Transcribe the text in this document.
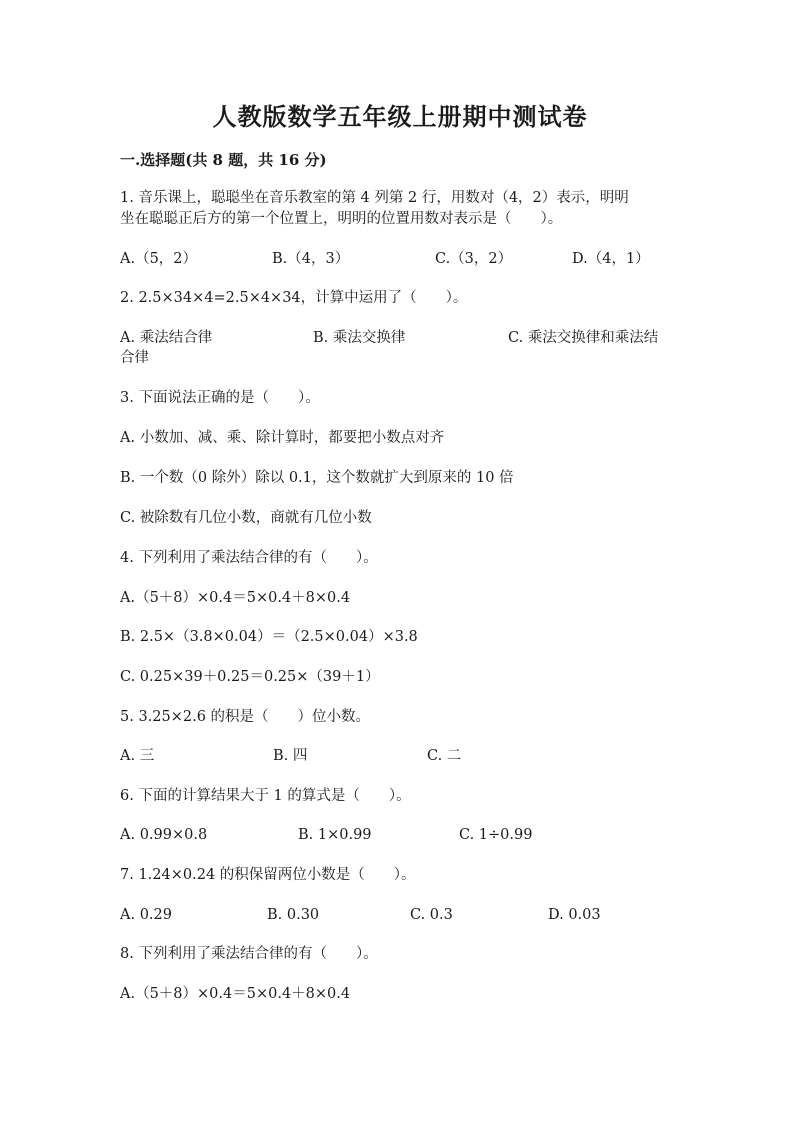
人教版数学五年级上册期中测试卷
一.选择题(共 8 题，共 16 分)
1. 音乐课上，聪聪坐在音乐教室的第 4 列第 2 行，用数对（4，2）表示，明明
坐在聪聪正后方的第一个位置上，明明的位置用数对表示是（　　）。
A.（5，2）	B.（4，3）	C.（3，2）	D.（4，1）
2. 2.5×34×4=2.5×4×34，计算中运用了（　　）。
A. 乘法结合律	B. 乘法交换律	C. 乘法交换律和乘法结
合律
3. 下面说法正确的是（　　）。
A. 小数加、减、乘、除计算时，都要把小数点对齐
B. 一个数（0 除外）除以 0.1，这个数就扩大到原来的 10 倍
C. 被除数有几位小数，商就有几位小数
4. 下列利用了乘法结合律的有（　　）。
A.（5＋8）×0.4＝5×0.4＋8×0.4
B. 2.5×（3.8×0.04）＝（2.5×0.04）×3.8
C. 0.25×39＋0.25＝0.25×（39＋1）
5. 3.25×2.6 的积是（　　）位小数。
A. 三	B. 四	C. 二
6. 下面的计算结果大于 1 的算式是（　　）。
A. 0.99×0.8	B. 1×0.99	C. 1÷0.99
7. 1.24×0.24 的积保留两位小数是（　　）。
A. 0.29	B. 0.30	C. 0.3	D. 0.03
8. 下列利用了乘法结合律的有（　　）。
A.（5＋8）×0.4＝5×0.4＋8×0.4
